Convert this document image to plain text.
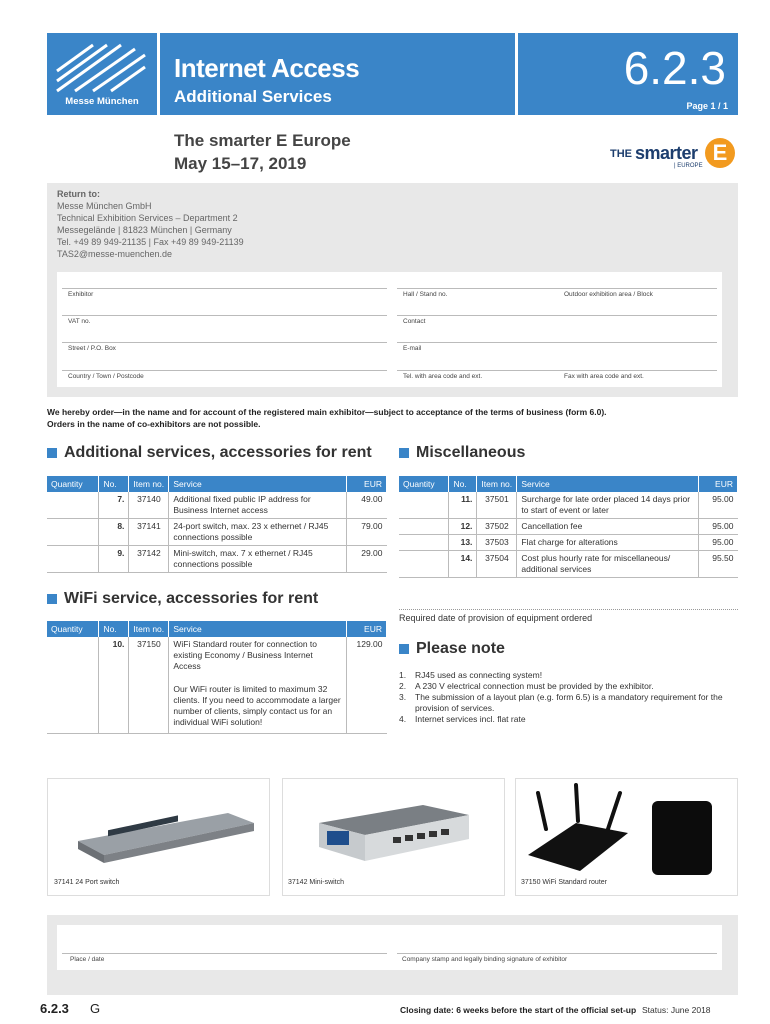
Messe München
Internet Access
Additional Services
6.2.3
Page 1 / 1
The smarter E Europe
May 15–17, 2019	THE smarter
| EUROPE
E
Return to:
Messe München GmbH
Technical Exhibition Services – Department 2
Messegelände | 81823 München | Germany
Tel. +49 89 949-21135 | Fax +49 89 949-21139
TAS2@messe-muenchen.de
Exhibitor	Hall / Stand no.	Outdoor exhibition area / Block
VAT no.	Contact
Street / P.O. Box	E-mail
Country / Town / Postcode	Tel. with area code and ext.	Fax with area code and ext.
We hereby order—in the name and for account of the registered main exhibitor—subject to acceptance of the terms of business (form 6.0).
Orders in the name of co-exhibitors are not possible.
Additional services, accessories for rent
Quantity	No.	Item no.	Service	EUR
	7.	37140	Additional fixed public IP address for Business Internet access	49.00
	8.	37141	24-port switch, max. 23 x ethernet / RJ45 connections possible	79.00
	9.	37142	Mini-switch, max. 7 x ethernet / RJ45 connections possible	29.00
Miscellaneous
Quantity	No.	Item no.	Service	EUR
	11.	37501	Surcharge for late order placed 14 days prior to start of event or later	95.00
	12.	37502	Cancellation fee	95.00
	13.	37503	Flat charge for alterations	95.00
	14.	37504	Cost plus hourly rate for miscellaneous/ additional services	95.50
WiFi service, accessories for rent
Quantity	No.	Item no.	Service	EUR
	10.	37150	WiFi Standard router for connection to existing Economy / Business Internet Access
Our WiFi router is limited to maximum 32 clients. If you need to accommodate a larger number of clients, simply contact us for an individual WiFi solution!	129.00
Required date of provision of equipment ordered
Please note
1.	RJ45 used as connecting system!
2.	A 230 V electrical connection must be provided by the exhibitor.
3.	The submission of a layout plan (e.g. form 6.5) is a mandatory requirement for the provision of services.
4.	Internet services incl. flat rate
37141 24 Port switch	37142 Mini-switch	37150 WiFi Standard router
Place / date	Company stamp and legally binding signature of exhibitor
6.2.3 G	Closing date: 6 weeks before the start of the official set-up Status: June 2018
